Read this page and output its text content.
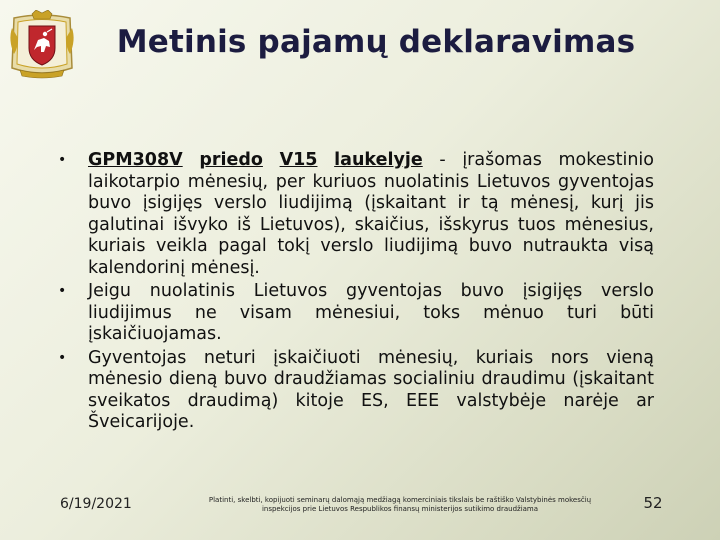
Metinis pajamų deklaravimas
•	GPM308V priedo V15 laukelyje - įrašomas mokestinio laikotarpio mėnesių, per kuriuos nuolatinis Lietuvos gyventojas buvo įsigijęs verslo liudijimą (įskaitant ir tą mėnesį, kurį jis galutinai išvyko iš Lietuvos), skaičius, išskyrus tuos mėnesius, kuriais veikla pagal tokį verslo liudijimą buvo nutraukta visą kalendorinį mėnesį.
•	Jeigu nuolatinis Lietuvos gyventojas buvo įsigijęs verslo liudijimus ne visam mėnesiui, toks mėnuo turi būti įskaičiuojamas.
•	Gyventojas neturi įskaičiuoti mėnesių, kuriais nors vieną mėnesio dieną buvo draudžiamas socialiniu draudimu (įskaitant sveikatos draudimą) kitoje ES, EEE valstybėje narėje ar Šveicarijoje.
6/19/2021	Platinti, skelbti, kopijuoti seminarų dalomąją medžiagą komerciniais tikslais be raštiško Valstybinės mokesčių inspekcijos prie Lietuvos Respublikos finansų ministerijos sutikimo draudžiama	52
